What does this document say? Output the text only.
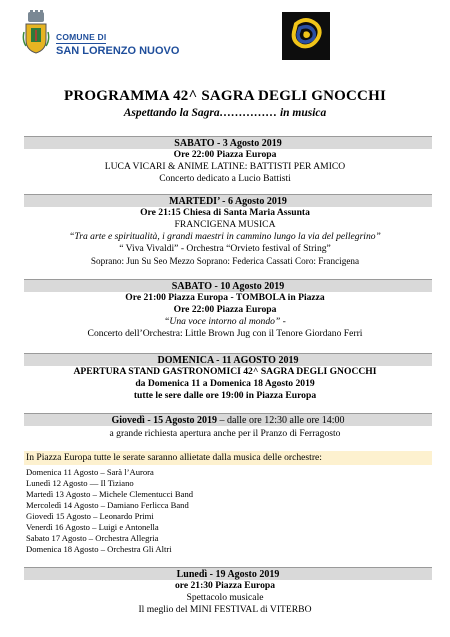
COMUNE DI
SAN LORENZO NUOVO
PROGRAMMA 42^ SAGRA DEGLI GNOCCHI
Aspettando la Sagra…………… in musica
SABATO - 3 Agosto 2019
Ore 22:00 Piazza Europa
LUCA VICARI & ANIME LATINE: BATTISTI PER AMICO
Concerto dedicato a Lucio Battisti
MARTEDI’ - 6 Agosto 2019
Ore 21:15 Chiesa di Santa Maria Assunta
FRANCIGENA MUSICA
“Tra arte e spiritualità, i grandi maestri in cammino lungo la via del pellegrino”
“ Viva Vivaldi” - Orchestra “Orvieto festival of String”
Soprano: Jun Su Seo Mezzo Soprano: Federica Cassati Coro: Francigena
SABATO - 10 Agosto 2019
Ore 21:00 Piazza Europa - TOMBOLA in Piazza
Ore 22:00 Piazza Europa
“Una voce intorno al mondo” -
Concerto dell’Orchestra: Little Brown Jug con il Tenore Giordano Ferri
DOMENICA - 11 AGOSTO 2019
APERTURA STAND GASTRONOMICI 42^ SAGRA DEGLI GNOCCHI
da Domenica 11 a Domenica 18 Agosto 2019
tutte le sere dalle ore 19:00 in Piazza Europa
Giovedì - 15 Agosto 2019 – dalle ore 12:30 alle ore 14:00
a grande richiesta apertura anche per il Pranzo di Ferragosto
In Piazza Europa tutte le serate saranno allietate dalla musica delle orchestre:
Domenica 11 Agosto – Sarà l’Aurora
Lunedì 12 Agosto — Il Tiziano
Martedì 13 Agosto – Michele Clementucci Band
Mercoledì 14 Agosto – Damiano Ferlicca Band
Giovedì 15 Agosto – Leonardo Primi
Venerdì 16 Agosto – Luigi e Antonella
Sabato 17 Agosto – Orchestra Allegria
Domenica 18 Agosto – Orchestra Gli Altri
Lunedì - 19 Agosto 2019
ore 21:30 Piazza Europa
Spettacolo musicale
Il meglio del MINI FESTIVAL di VITERBO
